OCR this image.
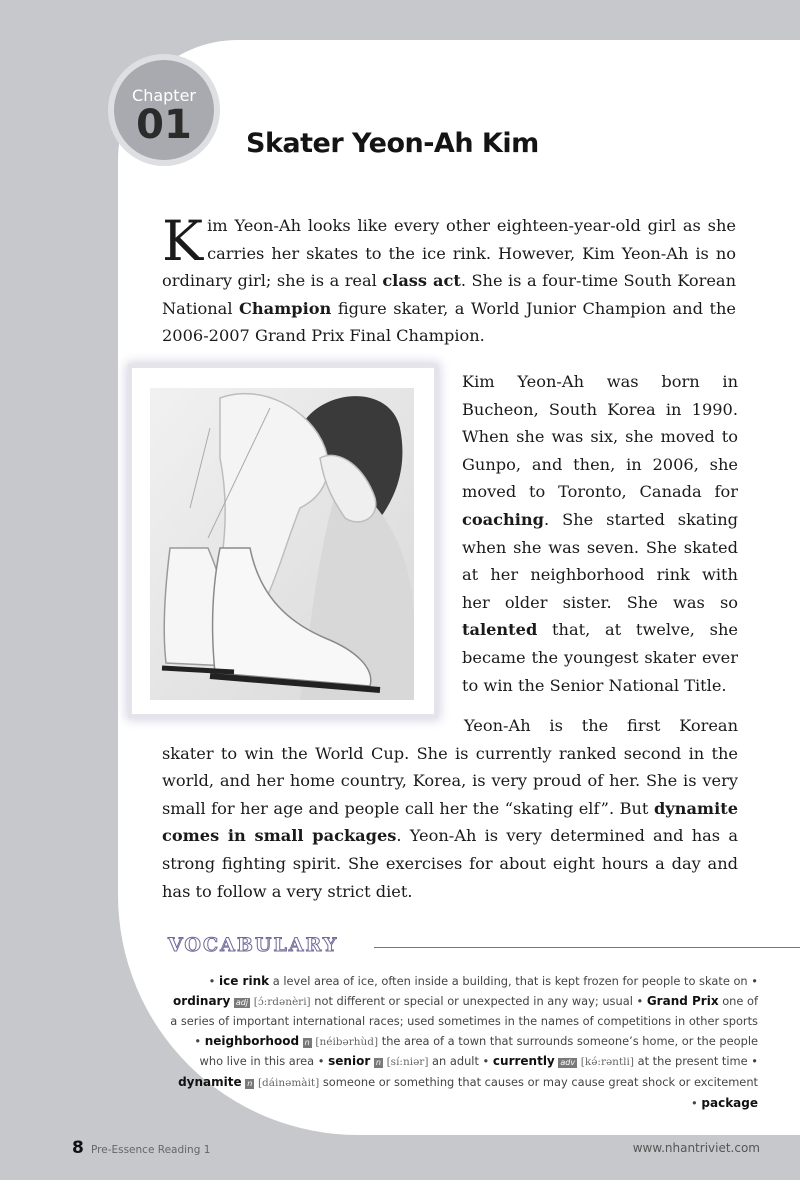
Chapter
01	Skater Yeon-Ah Kim

Kim Yeon-Ah looks like every other eighteen-year-old girl as she carries her skates to the ice rink. However, Kim Yeon-Ah is no ordinary girl; she is a real class act. She is a four-time South Korean National Champion figure skater, a World Junior Champion and the 2006-2007 Grand Prix Final Champion.

Kim Yeon-Ah was born in Bucheon, South Korea in 1990. When she was six, she moved to Gunpo, and then, in 2006, she moved to Toronto, Canada for coaching. She started skating when she was seven. She skated at her neighborhood rink with her older sister. She was so talented that, at twelve, she became the youngest skater ever to win the Senior National Title.

Yeon-Ah is the first Korean skater to win the World Cup. She is currently ranked second in the world, and her home country, Korea, is very proud of her. She is very small for her age and people call her the “skating elf”. But dynamite comes in small packages. Yeon-Ah is very determined and has a strong fighting spirit. She exercises for about eight hours a day and has to follow a very strict diet.

VOCABULARY
• ice rink a level area of ice, often inside a building, that is kept frozen for people to skate on • ordinary adj [ɔ́:rdənèri] not different or special or unexpected in any way; usual • Grand Prix one of a series of important international races; used sometimes in the names of competitions in other sports • neighborhood n [néibərhùd] the area of a town that surrounds someone’s home, or the people who live in this area • senior n [sí:niər] an adult • currently adv [kə́:rəntli] at the present time • dynamite n [dáinəmàit] someone or something that causes or may cause great shock or excitement • package
8 Pre-Essence Reading 1	www.nhantriviet.com
